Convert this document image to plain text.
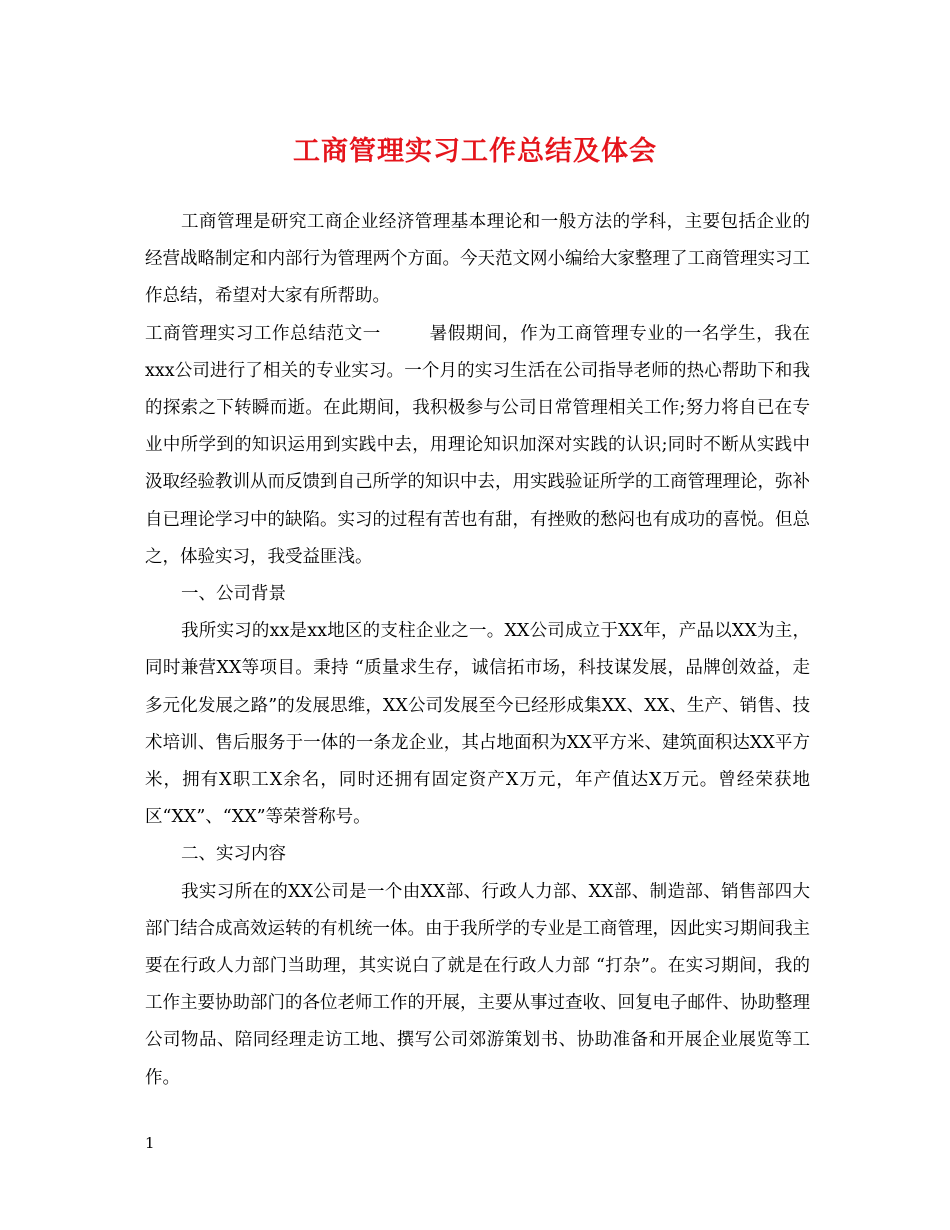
工商管理实习工作总结及体会

工商管理是研究工商企业经济管理基本理论和一般方法的学科，主要包括企业的经营战略制定和内部行为管理两个方面。今天范文网小编给大家整理了工商管理实习工作总结，希望对大家有所帮助。

工商管理实习工作总结范文一	暑假期间，作为工商管理专业的一名学生，我在xxx公司进行了相关的专业实习。一个月的实习生活在公司指导老师的热心帮助下和我的探索之下转瞬而逝。在此期间，我积极参与公司日常管理相关工作;努力将自已在专业中所学到的知识运用到实践中去，用理论知识加深对实践的认识;同时不断从实践中汲取经验教训从而反馈到自己所学的知识中去，用实践验证所学的工商管理理论，弥补自已理论学习中的缺陷。实习的过程有苦也有甜，有挫败的愁闷也有成功的喜悦。但总之，体验实习，我受益匪浅。

一、公司背景

我所实习的xx是xx地区的支柱企业之一。XX公司成立于XX年，产品以XX为主，同时兼营XX等项目。秉持 “质量求生存，诚信拓市场，科技谋发展，品牌创效益，走多元化发展之路”的发展思维，XX公司发展至今已经形成集XX、XX、生产、销售、技术培训、售后服务于一体的一条龙企业，其占地面积为XX平方米、建筑面积达XX平方米，拥有X职工X余名，同时还拥有固定资产X万元，年产值达X万元。曾经荣获地区“XX”、“XX”等荣誉称号。

二、实习内容

我实习所在的XX公司是一个由XX部、行政人力部、XX部、制造部、销售部四大部门结合成高效运转的有机统一体。由于我所学的专业是工商管理，因此实习期间我主要在行政人力部门当助理，其实说白了就是在行政人力部 “打杂”。在实习期间，我的工作主要协助部门的各位老师工作的开展，主要从事过查收、回复电子邮件、协助整理公司物品、陪同经理走访工地、撰写公司郊游策划书、协助准备和开展企业展览等工作。

1
